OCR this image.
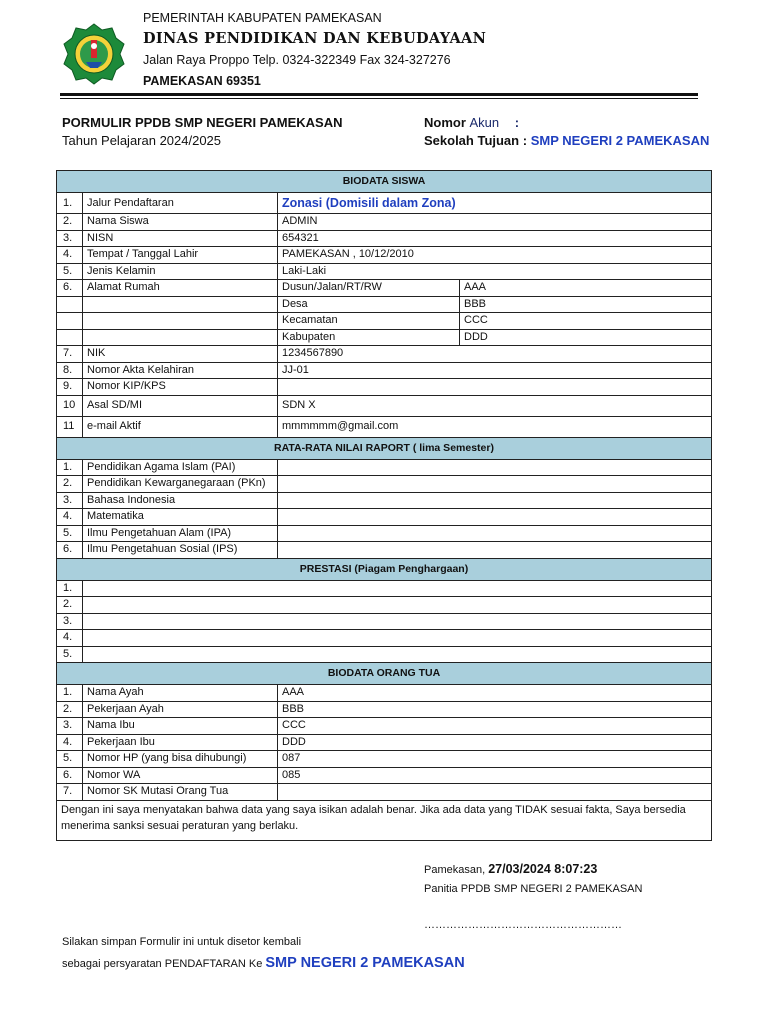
PEMERINTAH KABUPATEN PAMEKASAN
DINAS PENDIDIKAN DAN KEBUDAYAAN
Jalan Raya Proppo Telp. 0324-322349 Fax 324-327276
PAMEKASAN 69351
PORMULIR PPDB SMP NEGERI PAMEKASAN
Tahun Pelajaran 2024/2025
Nomor Akun :
Sekolah Tujuan : SMP NEGERI 2 PAMEKASAN
BIODATA SISWA			
1.	Jalur Pendaftaran	Zonasi (Domisili dalam Zona)	
2.	Nama Siswa	ADMIN	
3.	NISN	654321	
4.	Tempat / Tanggal Lahir	PAMEKASAN , 10/12/2010	
5.	Jenis Kelamin	Laki-Laki	
6.	Alamat Rumah	Dusun/Jalan/RT/RW	AAA
		Desa	BBB
		Kecamatan	CCC
		Kabupaten	DDD
7.	NIK	1234567890	
8.	Nomor Akta Kelahiran	JJ-01	
9.	Nomor KIP/KPS		
10	Asal SD/MI	SDN X	
11	e-mail Aktif	mmmmmm@gmail.com	
RATA-RATA NILAI RAPORT ( lima Semester)			
1.	Pendidikan Agama Islam (PAI)		
2.	Pendidikan Kewarganegaraan (PKn)		
3.	Bahasa Indonesia		
4.	Matematika		
5.	Ilmu Pengetahuan Alam (IPA)		
6.	Ilmu Pengetahuan Sosial (IPS)		
PRESTASI (Piagam Penghargaan)			
1.			
2.			
3.			
4.			
5.			
BIODATA ORANG TUA			
1.	Nama Ayah	AAA	
2.	Pekerjaan Ayah	BBB	
3.	Nama Ibu	CCC	
4.	Pekerjaan Ibu	DDD	
5.	Nomor HP (yang bisa dihubungi)	087	
6.	Nomor WA	085	
7.	Nomor SK Mutasi Orang Tua		
Dengan ini saya menyatakan bahwa data yang saya isikan adalah benar. Jika ada data yang TIDAK sesuai fakta, Saya bersedia menerima sanksi sesuai peraturan yang berlaku.			
Pamekasan, 27/03/2024 8:07:23
Panitia PPDB SMP NEGERI 2 PAMEKASAN
………………………………………………
Silakan simpan Formulir ini untuk disetor kembali
sebagai persyaratan PENDAFTARAN Ke SMP NEGERI 2 PAMEKASAN
